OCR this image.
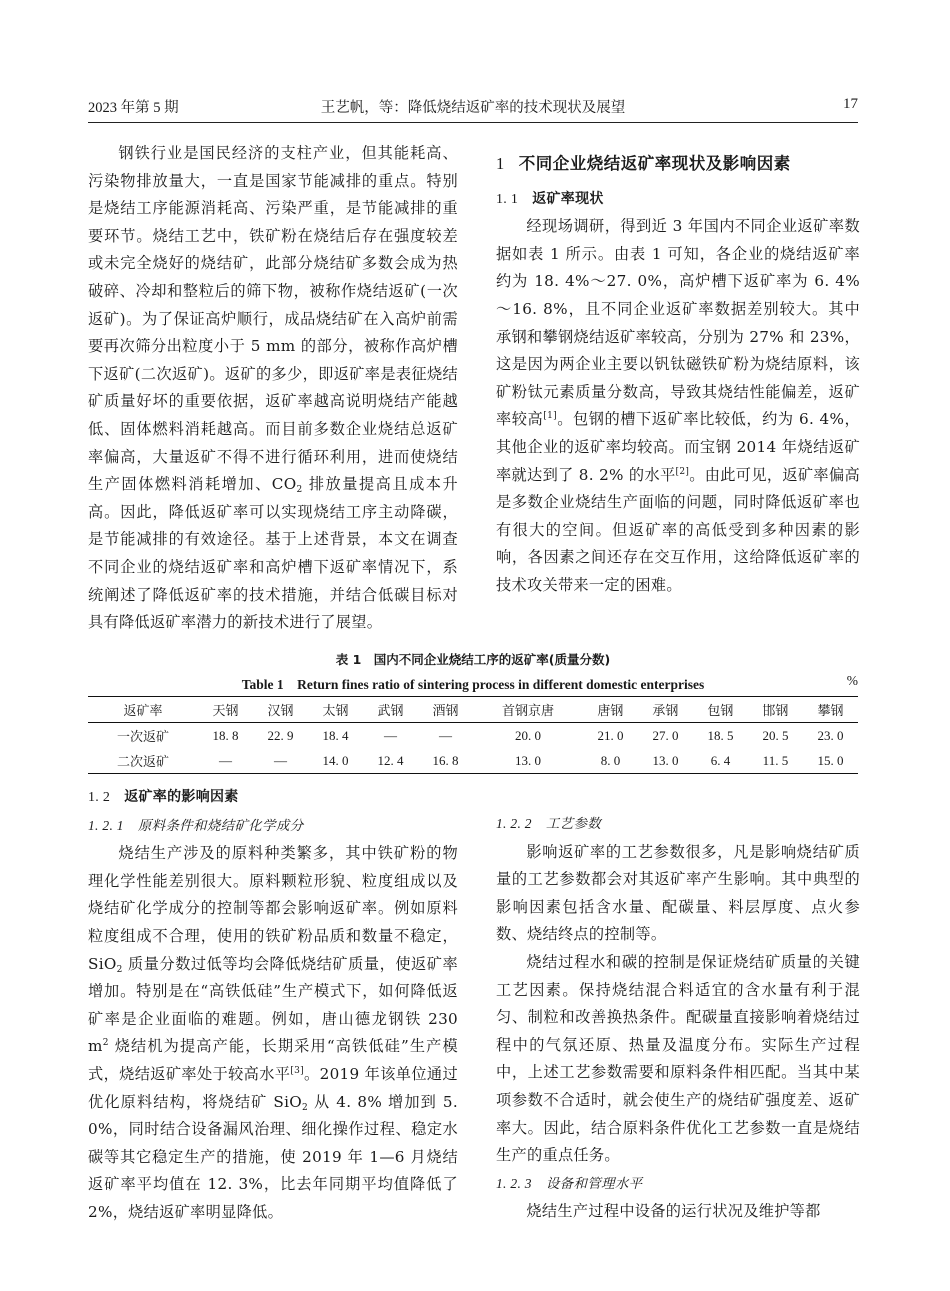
2023 年第 5 期	王艺帆，等：降低烧结返矿率的技术现状及展望	17

钢铁行业是国民经济的支柱产业，但其能耗高、污染物排放量大，一直是国家节能减排的重点。特别是烧结工序能源消耗高、污染严重，是节能减排的重要环节。烧结工艺中，铁矿粉在烧结后存在强度较差或未完全烧好的烧结矿，此部分烧结矿多数会成为热破碎、冷却和整粒后的筛下物，被称作烧结返矿(一次返矿)。为了保证高炉顺行，成品烧结矿在入高炉前需要再次筛分出粒度小于 5 mm 的部分，被称作高炉槽下返矿(二次返矿)。返矿的多少，即返矿率是表征烧结矿质量好坏的重要依据，返矿率越高说明烧结产能越低、固体燃料消耗越高。而目前多数企业烧结总返矿率偏高，大量返矿不得不进行循环利用，进而使烧结生产固体燃料消耗增加、$CO_2$ 排放量提高且成本升高。因此，降低返矿率可以实现烧结工序主动降碳，是节能减排的有效途径。基于上述背景，本文在调查不同企业的烧结返矿率和高炉槽下返矿率情况下，系统阐述了降低返矿率的技术措施，并结合低碳目标对具有降低返矿率潜力的新技术进行了展望。

1 不同企业烧结返矿率现状及影响因素
1. 1 返矿率现状

经现场调研，得到近 3 年国内不同企业返矿率数据如表 1 所示。由表 1 可知，各企业的烧结返矿率约为 18. 4%～27. 0%，高炉槽下返矿率为 6. 4%～16. 8%，且不同企业返矿率数据差别较大。其中承钢和攀钢烧结返矿率较高，分别为 27% 和 23%，这是因为两企业主要以钒钛磁铁矿粉为烧结原料，该矿粉钛元素质量分数高，导致其烧结性能偏差，返矿率较高[1]。包钢的槽下返矿率比较低，约为 6. 4%，其他企业的返矿率均较高。而宝钢 2014 年烧结返矿率就达到了 8. 2% 的水平[2]。由此可见，返矿率偏高是多数企业烧结生产面临的问题，同时降低返矿率也有很大的空间。但返矿率的高低受到多种因素的影响，各因素之间还存在交互作用，这给降低返矿率的技术攻关带来一定的困难。

表 1　国内不同企业烧结工序的返矿率(质量分数)
Table 1　Return fines ratio of sintering process in different domestic enterprises	%
返矿率	天钢	汉钢	太钢	武钢	酒钢	首钢京唐	唐钢	承钢	包钢	邯钢	攀钢
一次返矿	18. 8	22. 9	18. 4	—	—	20. 0	21. 0	27. 0	18. 5	20. 5	23. 0
二次返矿	—	—	14. 0	12. 4	16. 8	13. 0	8. 0	13. 0	6. 4	11. 5	15. 0
1. 2 返矿率的影响因素
1. 2. 1 原料条件和烧结矿化学成分

烧结生产涉及的原料种类繁多，其中铁矿粉的物理化学性能差别很大。原料颗粒形貌、粒度组成以及烧结矿化学成分的控制等都会影响返矿率。例如原料粒度组成不合理，使用的铁矿粉品质和数量不稳定，SiO$_2$ 质量分数过低等均会降低烧结矿质量，使返矿率增加。特别是在“高铁低硅”生产模式下，如何降低返矿率是企业面临的难题。例如，唐山德龙钢铁 230 $m^2$ 烧结机为提高产能，长期采用“高铁低硅”生产模式，烧结返矿率处于较高水平[3]。2019 年该单位通过优化原料结构，将烧结矿 SiO$_2$ 从 4. 8% 增加到 5. 0%，同时结合设备漏风治理、细化操作过程、稳定水碳等其它稳定生产的措施，使 2019 年 1—6 月烧结返矿率平均值在 12. 3%，比去年同期平均值降低了 2%，烧结返矿率明显降低。

1. 2. 2 工艺参数

影响返矿率的工艺参数很多，凡是影响烧结矿质量的工艺参数都会对其返矿率产生影响。其中典型的影响因素包括含水量、配碳量、料层厚度、点火参数、烧结终点的控制等。

烧结过程水和碳的控制是保证烧结矿质量的关键工艺因素。保持烧结混合料适宜的含水量有利于混匀、制粒和改善换热条件。配碳量直接影响着烧结过程中的气氛还原、热量及温度分布。实际生产过程中，上述工艺参数需要和原料条件相匹配。当其中某项参数不合适时，就会使生产的烧结矿强度差、返矿率大。因此，结合原料条件优化工艺参数一直是烧结生产的重点任务。

1. 2. 3 设备和管理水平

烧结生产过程中设备的运行状况及维护等都
